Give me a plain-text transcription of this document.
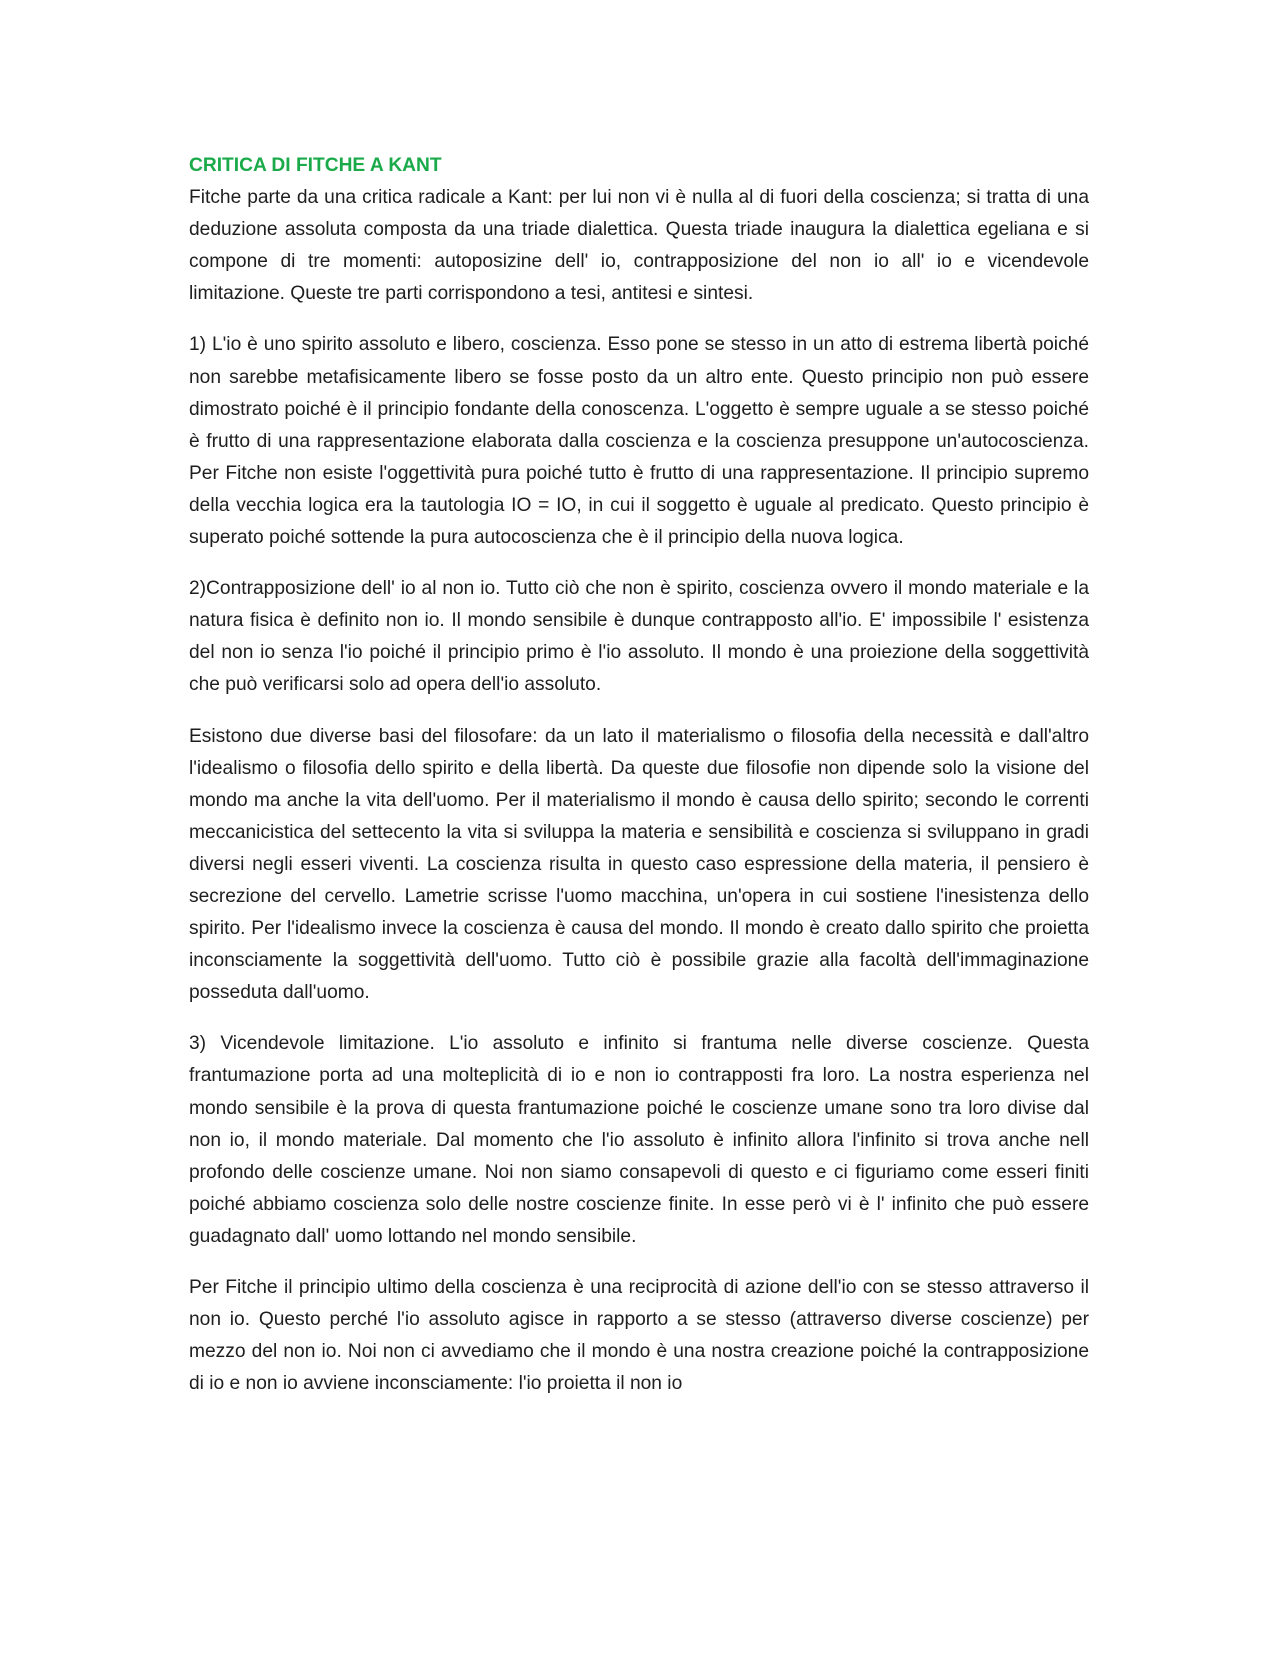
CRITICA DI FITCHE A KANT

Fitche parte da una critica radicale a Kant: per lui non vi è nulla al di fuori della coscienza; si tratta di una deduzione assoluta composta da una triade dialettica. Questa triade inaugura la dialettica egeliana e si compone di tre momenti: autoposizine dell' io, contrapposizione del non io all' io e vicendevole limitazione. Queste tre parti corrispondono a tesi, antitesi e sintesi.

1) L'io è uno spirito assoluto e libero, coscienza. Esso pone se stesso in un atto di estrema libertà poiché non sarebbe metafisicamente libero se fosse posto da un altro ente. Questo principio non può essere dimostrato poiché è il principio fondante della conoscenza. L'oggetto è sempre uguale a se stesso poiché è frutto di una rappresentazione elaborata dalla coscienza e la coscienza presuppone un'autocoscienza. Per Fitche non esiste l'oggettività pura poiché tutto è frutto di una rappresentazione. Il principio supremo della vecchia logica era la tautologia IO = IO, in cui il soggetto è uguale al predicato. Questo principio è superato poiché sottende la pura autocoscienza che è il principio della nuova logica.

2)Contrapposizione dell' io al non io. Tutto ciò che non è spirito, coscienza ovvero il mondo materiale e la natura fisica è definito non io. Il mondo sensibile è dunque contrapposto all'io. E' impossibile l' esistenza del non io senza l'io poiché il principio primo è l'io assoluto. Il mondo è una proiezione della soggettività che può verificarsi solo ad opera dell'io assoluto.

Esistono due diverse basi del filosofare: da un lato il materialismo o filosofia della necessità e dall'altro l'idealismo o filosofia dello spirito e della libertà. Da queste due filosofie non dipende solo la visione del mondo ma anche la vita dell'uomo. Per il materialismo il mondo è causa dello spirito; secondo le correnti meccanicistica del settecento la vita si sviluppa la materia e sensibilità e coscienza si sviluppano in gradi diversi negli esseri viventi. La coscienza risulta in questo caso espressione della materia, il pensiero è secrezione del cervello. Lametrie scrisse l'uomo macchina, un'opera in cui sostiene l'inesistenza dello spirito. Per l'idealismo invece la coscienza è causa del mondo. Il mondo è creato dallo spirito che proietta inconsciamente la soggettività dell'uomo. Tutto ciò è possibile grazie alla facoltà dell'immaginazione posseduta dall'uomo.

3) Vicendevole limitazione. L'io assoluto e infinito si frantuma nelle diverse coscienze. Questa frantumazione porta ad una molteplicità di io e non io contrapposti fra loro. La nostra esperienza nel mondo sensibile è la prova di questa frantumazione poiché le coscienze umane sono tra loro divise dal non io, il mondo materiale. Dal momento che l'io assoluto è infinito allora l'infinito si trova anche nell profondo delle coscienze umane. Noi non siamo consapevoli di questo e ci figuriamo come esseri finiti poiché abbiamo coscienza solo delle nostre coscienze finite. In esse però vi è l' infinito che può essere guadagnato dall' uomo lottando nel mondo sensibile.

Per Fitche il principio ultimo della coscienza è una reciprocità di azione dell'io con se stesso attraverso il non io. Questo perché l'io assoluto agisce in rapporto a se stesso (attraverso diverse coscienze) per mezzo del non io. Noi non ci avvediamo che il mondo è una nostra creazione poiché la contrapposizione di io e non io avviene inconsciamente: l'io proietta il non io
